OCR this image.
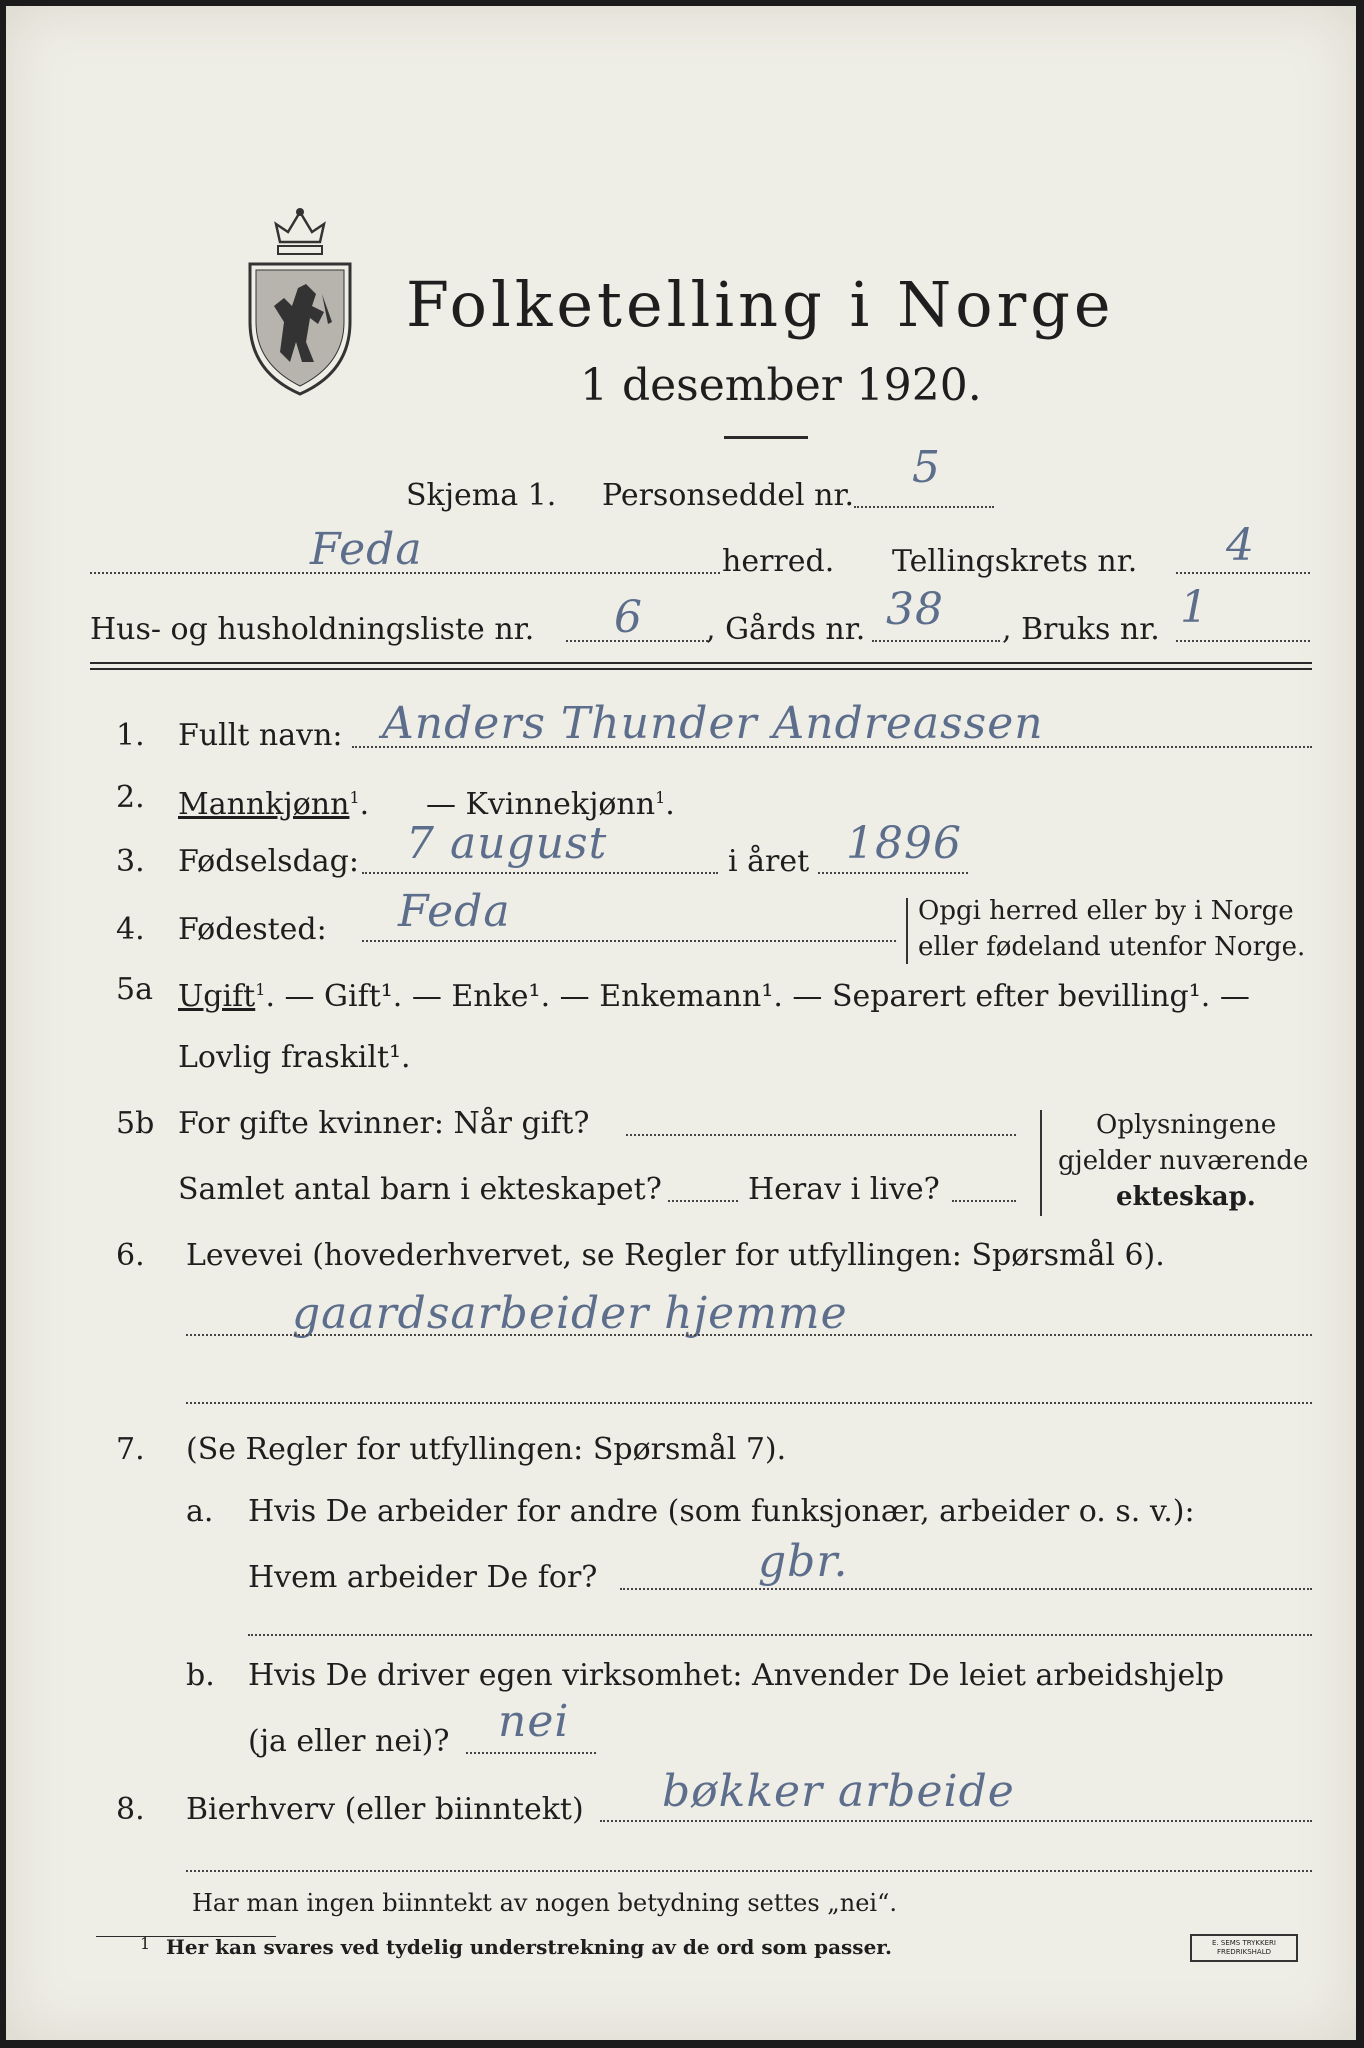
Folketelling i Norge
1 desember 1920.
Skjema 1. Personseddel nr.
5
Feda	herred. Tellingskrets nr. 4
Hus- og husholdningsliste nr. 6 , Gårds nr. 38 , Bruks nr. 1
1. Fullt navn: Anders Thunder Andreassen
2. Mannkjønn$^1$. — Kvinnekjønn$^1$.
3. Fødselsdag: 7 august	i året 1896
4. Fødested: Feda	Opgi herred eller by i Norge
eller fødeland utenfor Norge.
5a Ugift$^1$. — Gift¹. — Enke¹. — Enkemann¹. — Separert efter bevilling¹. —
Lovlig fraskilt¹.
5b For gifte kvinner: Når gift?
Samlet antal barn i ekteskapet?	Herav i live?
Oplysningene
gjelder nuværende
ekteskap.
6. Levevei (hovederhvervet, se Regler for utfyllingen: Spørsmål 6).
gaardsarbeider hjemme
7. (Se Regler for utfyllingen: Spørsmål 7).
a. Hvis De arbeider for andre (som funksjonær, arbeider o. s. v.):
Hvem arbeider De for?	gbr.
b. Hvis De driver egen virksomhet: Anvender De leiet arbeidshjelp
(ja eller nei)? nei
8. Bierhverv (eller biinntekt) bøkker arbeide
Har man ingen biinntekt av nogen betydning settes „nei“.
1 Her kan svares ved tydelig understrekning av de ord som passer.	E. SEMS TRYKKERI
FREDRIKSHALD
